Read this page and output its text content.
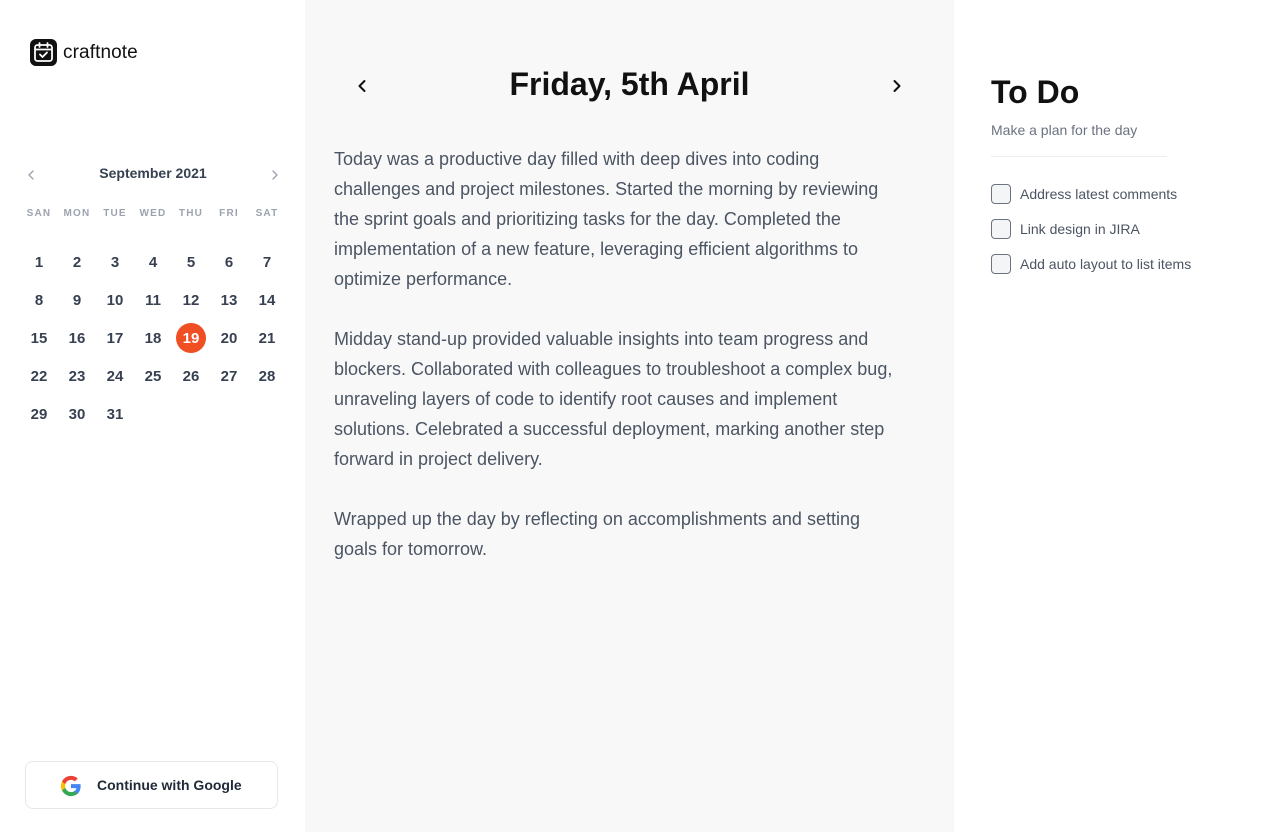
craftnote
September 2021
SAN	MON	TUE	WED	THU	FRI	SAT
1	2	3	4	5	6	7
8	9	10	11	12	13	14
15	16	17	18	19	20	21
22	23	24	25	26	27	28
29	30	31
Continue with Google
Friday, 5th April

Today was a productive day filled with deep dives into coding challenges and project milestones. Started the morning by reviewing the sprint goals and prioritizing tasks for the day. Completed the implementation of a new feature, leveraging efficient algorithms to optimize performance.

Midday stand-up provided valuable insights into team progress and blockers. Collaborated with colleagues to troubleshoot a complex bug, unraveling layers of code to identify root causes and implement solutions. Celebrated a successful deployment, marking another step forward in project delivery.

Wrapped up the day by reflecting on accomplishments and setting goals for tomorrow.

To Do
Make a plan for the day
Address latest comments
Link design in JIRA
Add auto layout to list items
